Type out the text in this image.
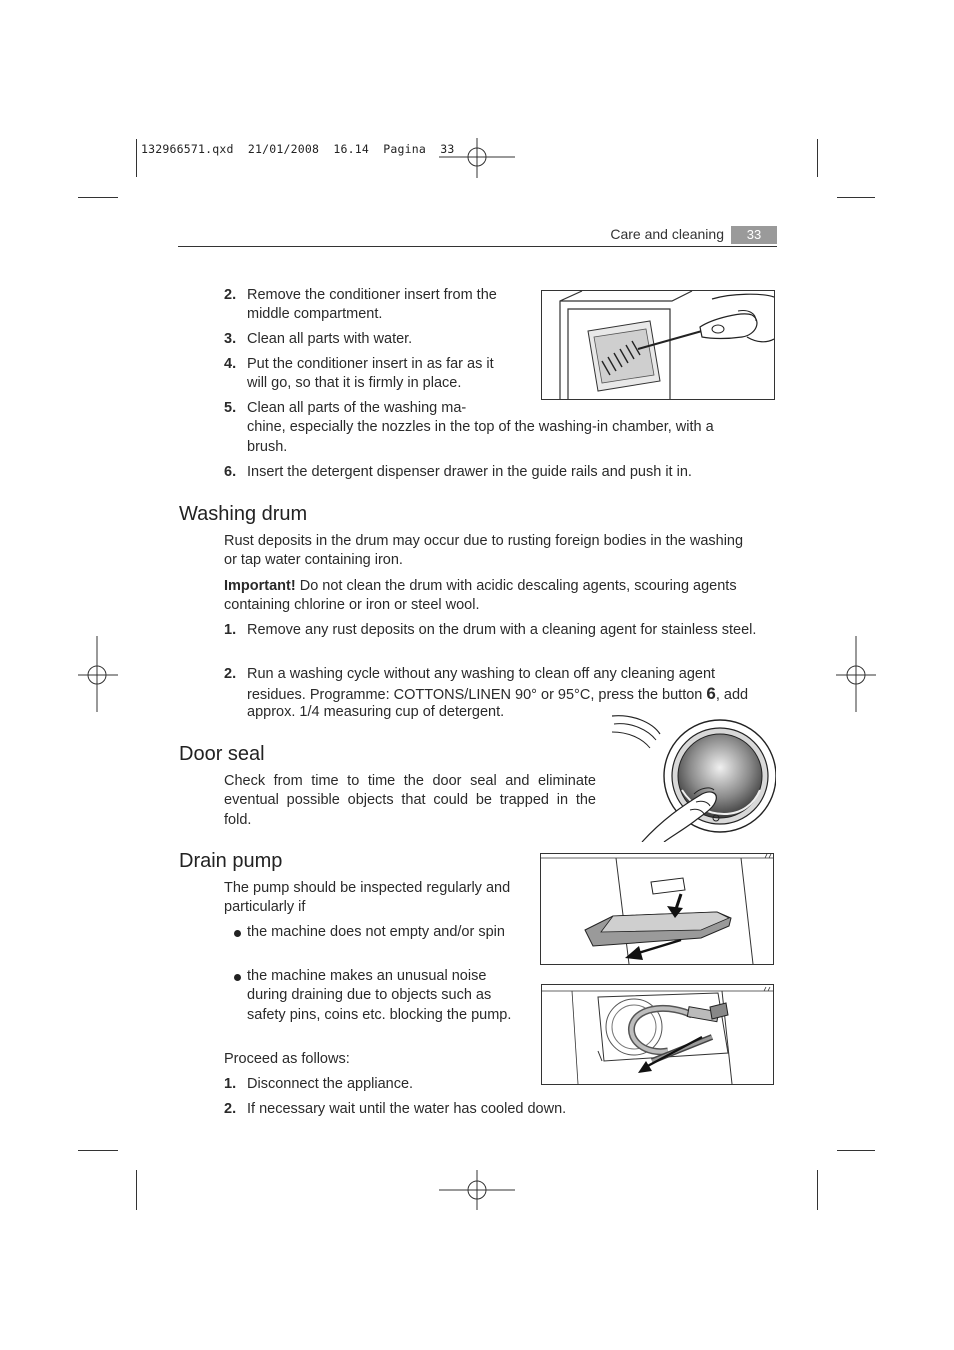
132966571.qxd  21/01/2008  16.14  Pagina  33
Care and cleaning	33
2. Remove the conditioner insert from the
middle compartment.
3. Clean all parts with water.
4. Put the conditioner insert in as far as it
will go, so that it is firmly in place.
5. Clean all parts of the washing ma-
chine, especially the nozzles in the top of the washing-in chamber, with a
brush.
6. Insert the detergent dispenser drawer in the guide rails and push it in.
Washing drum
Rust deposits in the drum may occur due to rusting foreign bodies in the washing or tap water containing iron.
Important! Do not clean the drum with acidic descaling agents, scouring agents containing chlorine or iron or steel wool.
1. Remove any rust deposits on the drum with a cleaning agent for stainless steel.
2. Run a washing cycle without any washing to clean off any cleaning agent
residues. Programme: COTTONS/LINEN 90° or 95°C, press the button 6, add
approx. 1/4 measuring cup of detergent.
Door seal
Check from time to time the door seal and eliminate eventual possible objects that could be trapped in the fold.
Drain pump
The pump should be inspected regularly and particularly if
the machine does not empty and/or spin
the machine makes an unusual noise during draining due to objects such as safety pins, coins etc. blocking the pump.
Proceed as follows:
1. Disconnect the appliance.
2. If necessary wait until the water has cooled down.
